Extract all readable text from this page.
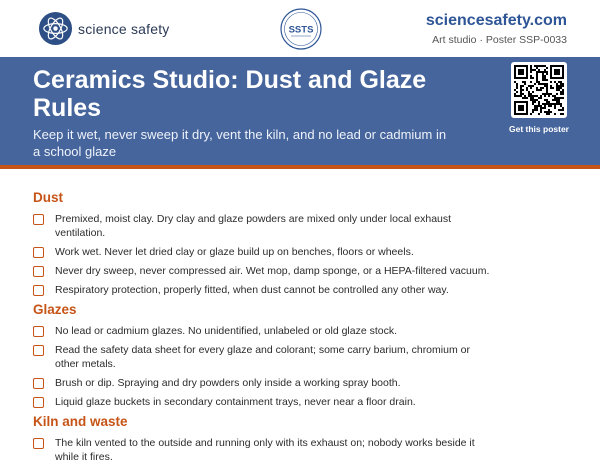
science safety	SSTS
sciencesafety.com
Art studio · Poster SSP-0033
Ceramics Studio: Dust and Glaze Rules
Keep it wet, never sweep it dry, vent the kiln, and no lead or cadmium in a school glaze
Get this poster
Dust
Premixed, moist clay. Dry clay and glaze powders are mixed only under local exhaust ventilation.
Work wet. Never let dried clay or glaze build up on benches, floors or wheels.
Never dry sweep, never compressed air. Wet mop, damp sponge, or a HEPA-filtered vacuum.
Respiratory protection, properly fitted, when dust cannot be controlled any other way.
Glazes
No lead or cadmium glazes. No unidentified, unlabeled or old glaze stock.
Read the safety data sheet for every glaze and colorant; some carry barium, chromium or other metals.
Brush or dip. Spraying and dry powders only inside a working spray booth.
Liquid glaze buckets in secondary containment trays, never near a floor drain.
Kiln and waste
The kiln vented to the outside and running only with its exhaust on; nobody works beside it while it fires.
